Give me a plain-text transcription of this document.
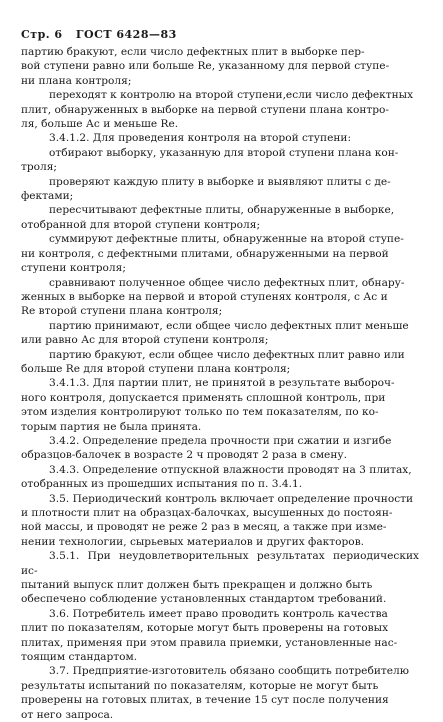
Стр. 6 ГОСТ 6428—83
партию бракуют, если число дефектных плит в выборке пер-
вой ступени равно или больше Re, указанному для первой ступе-
ни плана контроля;
переходят к контролю на второй ступени,если число дефектных
плит, обнаруженных в выборке на первой ступени плана контро-
ля, больше Ас и меньше Re.
3.4.1.2. Для проведения контроля на второй ступени:
отбирают выборку, указанную для второй ступени плана кон-
троля;
проверяют каждую плиту в выборке и выявляют плиты с де-
фектами;
пересчитывают дефектные плиты, обнаруженные в выборке,
отобранной для второй ступени контроля;
суммируют дефектные плиты, обнаруженные на второй ступе-
ни контроля, с дефектными плитами, обнаруженными на первой
ступени контроля;
сравнивают полученное общее число дефектных плит, обнару-
женных в выборке на первой и второй ступенях контроля, с Ас и
Re второй ступени плана контроля;
партию принимают, если общее число дефектных плит меньше
или равно Ас для второй ступени контроля;
партию бракуют, если общее число дефектных плит равно или
больше Re для второй ступени плана контроля;
3.4.1.3. Для партии плит, не принятой в результате выбороч-
ного контроля, допускается применять сплошной контроль, при
этом изделия контролируют только по тем показателям, по ко-
торым партия не была принята.
3.4.2. Определение предела прочности при сжатии и изгибе
образцов-балочек в возрасте 2 ч проводят 2 раза в смену.
3.4.3. Определение отпускной влажности проводят на 3 плитах,
отобранных из прошедших испытания по п. 3.4.1.
3.5. Периодический контроль включает определение прочности
и плотности плит на образцах-балочках, высушенных до постоян-
ной массы, и проводят не реже 2 раз в месяц, а также при изме-
нении технологии, сырьевых материалов и других факторов.
3.5.1. При неудовлетворительных результатах периодических ис-
пытаний выпуск плит должен быть прекращен и должно быть
обеспечено соблюдение установленных стандартом требований.
3.6. Потребитель имеет право проводить контроль качества
плит по показателям, которые могут быть проверены на готовых
плитах, применяя при этом правила приемки, установленные нас-
тоящим стандартом.
3.7. Предприятие-изготовитель обязано сообщить потребителю
результаты испытаний по показателям, которые не могут быть
проверены на готовых плитах, в течение 15 сут после получения
от него запроса.
